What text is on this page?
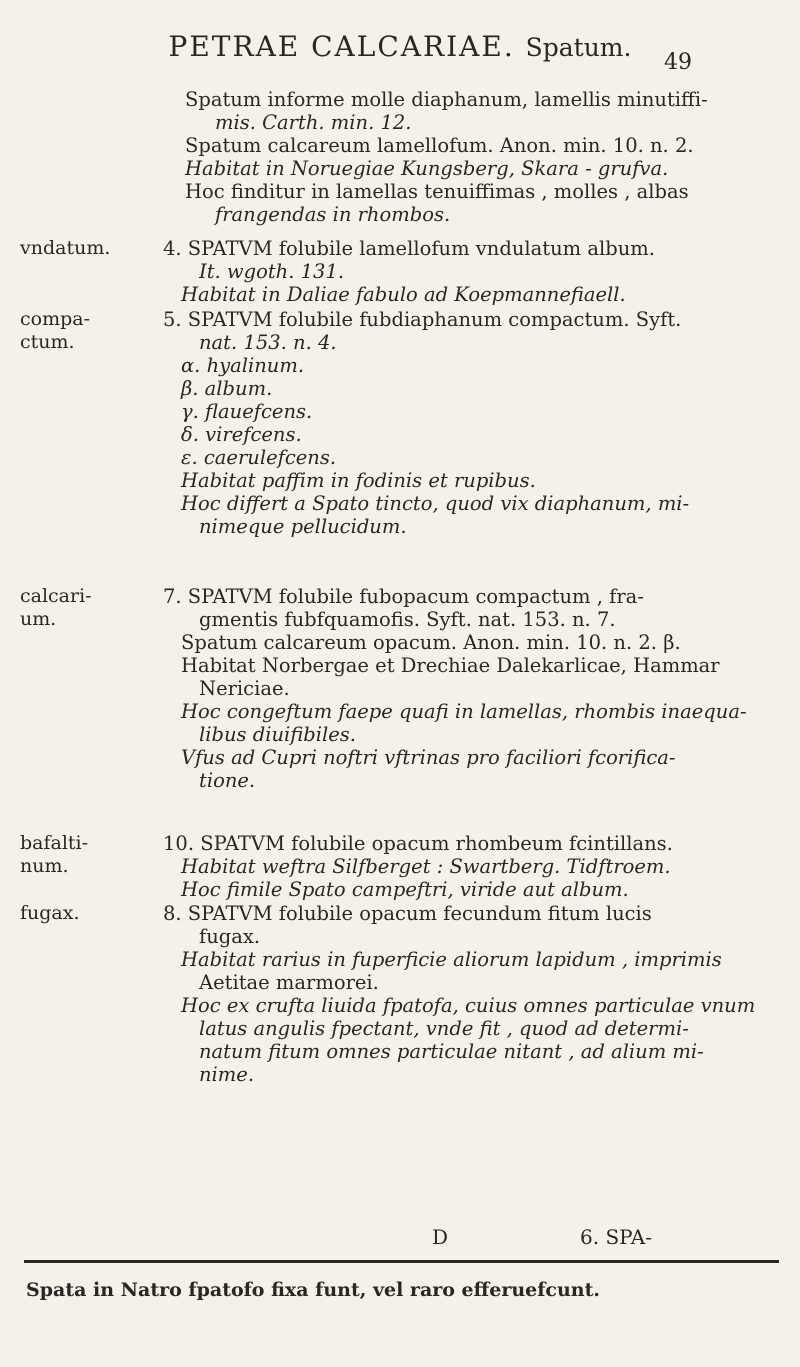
PETRAE CALCARIAE. Spatum.
49
Spatum informe molle diaphanum, lamellis minutiffi-
mis. Carth. min. 12.
Spatum calcareum lamellofum. Anon. min. 10. n. 2.
Habitat in Noruegiae Kungsberg, Skara - grufva.
Hoc finditur in lamellas tenuiffimas , molles , albas
frangendas in rhombos.
vndatum.	4. SPATVM folubile lamellofum vndulatum album.
It. wgoth. 131.
Habitat in Daliae fabulo ad Koepmannefiaell.
compa-
ctum.
5. SPATVM folubile fubdiaphanum compactum. Syft.
nat. 153. n. 4.
α. hyalinum.
β. album.
γ. flauefcens.
δ. virefcens.
ε. caerulefcens.
Habitat paffim in fodinis et rupibus.
Hoc differt a Spato tincto, quod vix diaphanum, mi-
nimeque pellucidum.
calcari-
um.
7. SPATVM folubile fubopacum compactum , fra-
gmentis fubfquamofis. Syft. nat. 153. n. 7.
Spatum calcareum opacum. Anon. min. 10. n. 2. β.
Habitat Norbergae et Drechiae Dalekarlicae, Hammar
Nericiae.
Hoc congeftum faepe quafi in lamellas, rhombis inaequa-
libus diuifibiles.
Vfus ad Cupri noftri vftrinas pro faciliori fcorifica-
tione.
bafalti-
num.
10. SPATVM folubile opacum rhombeum fcintillans.
Habitat weftra Silfberget : Swartberg. Tidftroem.
Hoc fimile Spato campeftri, viride aut album.
fugax.	8. SPATVM folubile opacum fecundum fitum lucis
fugax.
Habitat rarius in fuperficie aliorum lapidum , imprimis
Aetitae marmorei.
Hoc ex crufta liuida fpatofa, cuius omnes particulae vnum
latus angulis fpectant, vnde fit , quod ad determi-
natum fitum omnes particulae nitant , ad alium mi-
nime.
D	6. SPA-
Spata in Natro fpatofo fixa funt, vel raro efferuefcunt.
